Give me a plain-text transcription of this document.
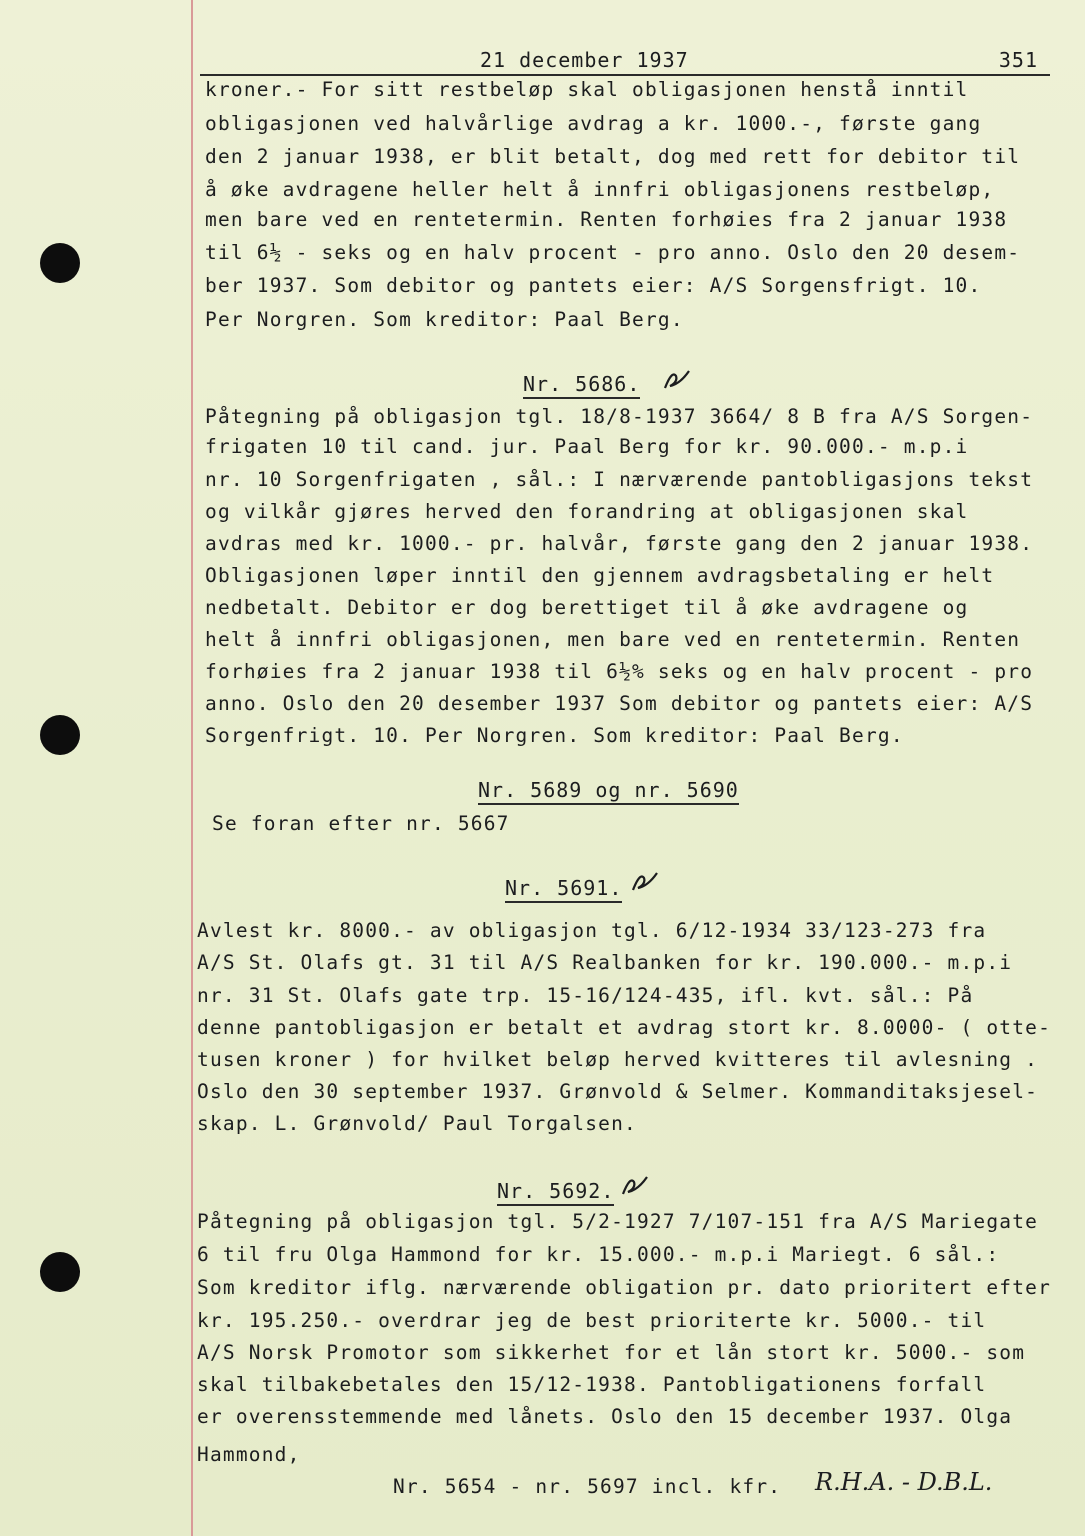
21 december 1937	351
kroner.- For sitt restbeløp skal obligasjonen henstå inntil
obligasjonen ved halvårlige avdrag a kr. 1000.-, første gang
den 2 januar 1938, er blit betalt, dog med rett for debitor til
å øke avdragene heller helt å innfri obligasjonens restbeløp,
men bare ved en rentetermin. Renten forhøies fra 2 januar 1938
til 6½ - seks og en halv procent - pro anno. Oslo den 20 desem-
ber 1937. Som debitor og pantets eier: A/S Sorgensfrigt. 10.
Per Norgren. Som kreditor: Paal Berg.
Nr. 5686.
Påtegning på obligasjon tgl. 18/8-1937 3664/ 8 B fra A/S Sorgen-
frigaten 10 til cand. jur. Paal Berg for kr. 90.000.- m.p.i
nr. 10 Sorgenfrigaten , sål.: I nærværende pantobligasjons tekst
og vilkår gjøres herved den forandring at obligasjonen skal
avdras med kr. 1000.- pr. halvår, første gang den 2 januar 1938.
Obligasjonen løper inntil den gjennem avdragsbetaling er helt
nedbetalt. Debitor er dog berettiget til å øke avdragene og
helt å innfri obligasjonen, men bare ved en rentetermin. Renten
forhøies fra 2 januar 1938 til 6½% seks og en halv procent - pro
anno. Oslo den 20 desember 1937 Som debitor og pantets eier: A/S
Sorgenfrigt. 10. Per Norgren. Som kreditor: Paal Berg.
Nr. 5689 og nr. 5690
Se foran efter nr. 5667
Nr. 5691.
Avlest kr. 8000.- av obligasjon tgl. 6/12-1934 33/123-273 fra
A/S St. Olafs gt. 31 til A/S Realbanken for kr. 190.000.- m.p.i
nr. 31 St. Olafs gate trp. 15-16/124-435, ifl. kvt. sål.: På
denne pantobligasjon er betalt et avdrag stort kr. 8.0000- ( otte-
tusen kroner ) for hvilket beløp herved kvitteres til avlesning .
Oslo den 30 september 1937. Grønvold & Selmer. Kommanditaksjesel-
skap. L. Grønvold/ Paul Torgalsen.
Nr. 5692.
Påtegning på obligasjon tgl. 5/2-1927 7/107-151 fra A/S Mariegate
6 til fru Olga Hammond for kr. 15.000.- m.p.i Mariegt. 6 sål.:
Som kreditor iflg. nærværende obligation pr. dato prioritert efter
kr. 195.250.- overdrar jeg de best prioriterte kr. 5000.- til
A/S Norsk Promotor som sikkerhet for et lån stort kr. 5000.- som
skal tilbakebetales den 15/12-1938. Pantobligationens forfall
er overensstemmende med lånets. Oslo den 15 december 1937. Olga
Hammond,
Nr. 5654 - nr. 5697 incl. kfr. R.H.A. - D.B.L.
